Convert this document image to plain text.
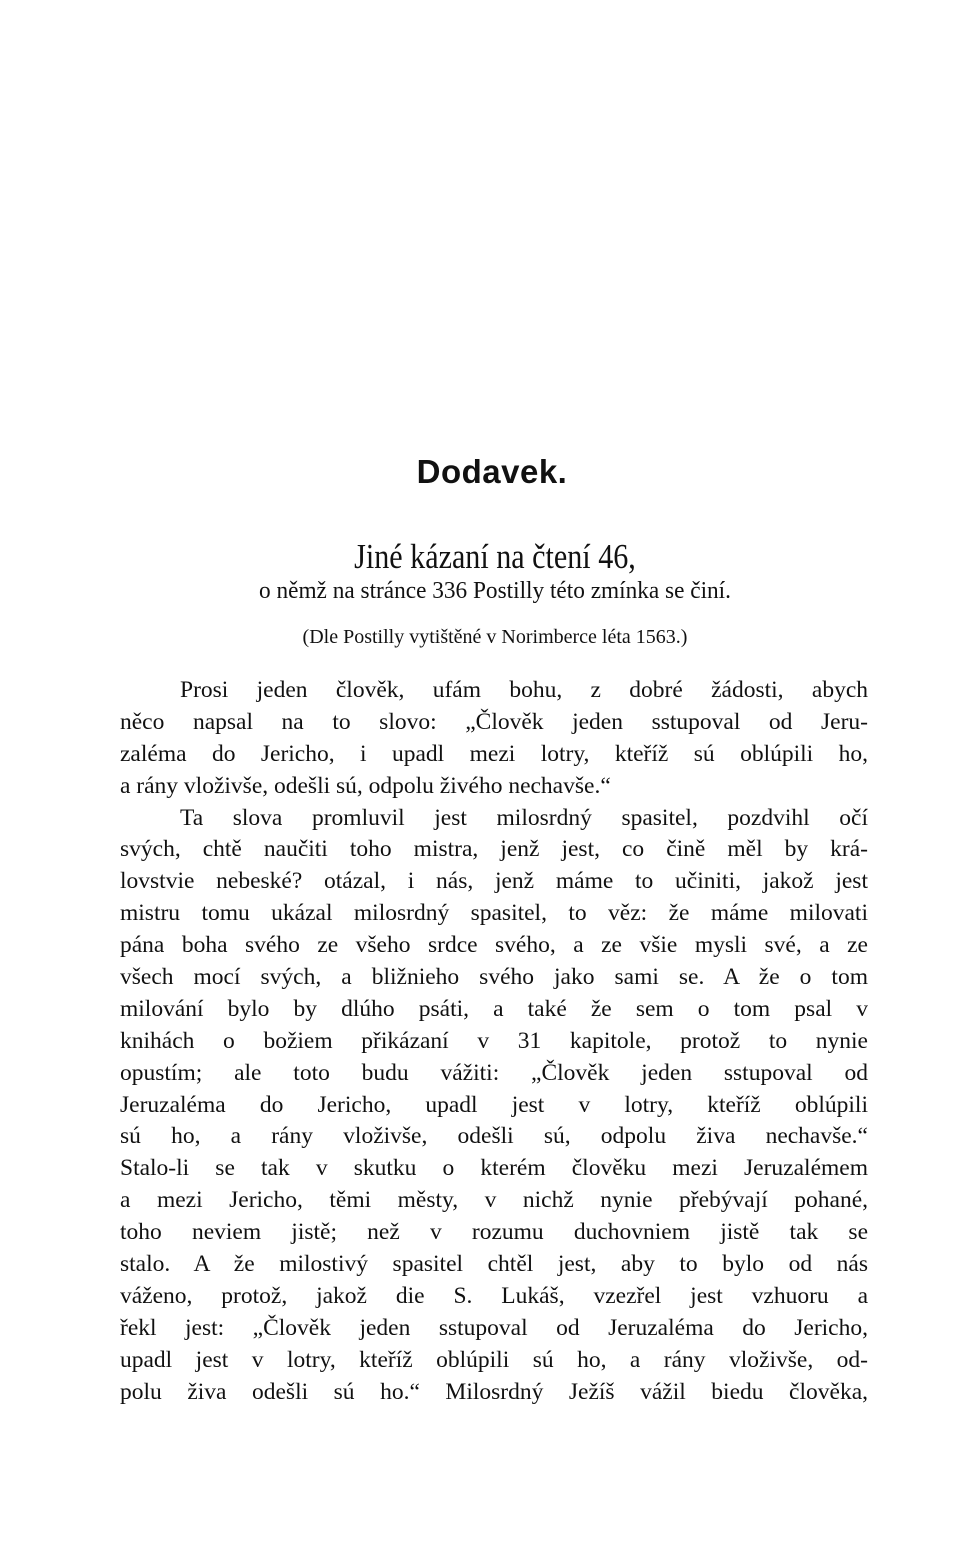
Dodavek.
Jiné kázaní na čtení 46,
o němž na stránce 336 Postilly této zmínka se činí.
(Dle Postilly vytištěné v Norimberce léta 1563.)
Prosi jeden člověk, ufám bohu, z dobré žádosti, abych
něco napsal na to slovo: „Člověk jeden sstupoval od Jeru-
zaléma do Jericho, i upadl mezi lotry, kteříž sú oblúpili ho,
a rány vloživše, odešli sú, odpolu živého nechavše.“
Ta slova promluvil jest milosrdný spasitel, pozdvihl očí
svých, chtě naučiti toho mistra, jenž jest, co čině měl by krá-
lovstvie nebeské? otázal, i nás, jenž máme to učiniti, jakož jest
mistru tomu ukázal milosrdný spasitel, to věz: že máme milovati
pána boha svého ze všeho srdce svého, a ze všie mysli své, a ze
všech mocí svých, a bližnieho svého jako sami se. A že o tom
milování bylo by dlúho psáti, a také že sem o tom psal v
knihách o božiem přikázaní v 31 kapitole, protož to nynie
opustím; ale toto budu vážiti: „Člověk jeden sstupoval od
Jeruzaléma do Jericho, upadl jest v lotry, kteříž oblúpili
sú ho, a rány vloživše, odešli sú, odpolu živa nechavše.“
Stalo-li se tak v skutku o kterém člověku mezi Jeruzalémem
a mezi Jericho, těmi městy, v nichž nynie přebývají pohané,
toho neviem jistě; než v rozumu duchovniem jistě tak se
stalo. A že milostivý spasitel chtěl jest, aby to bylo od nás
váženo, protož, jakož die S. Lukáš, vzezřel jest vzhuoru a
řekl jest: „Člověk jeden sstupoval od Jeruzaléma do Jericho,
upadl jest v lotry, kteříž oblúpili sú ho, a rány vloživše, od-
polu živa odešli sú ho.“ Milosrdný Ježíš vážil biedu člověka,
